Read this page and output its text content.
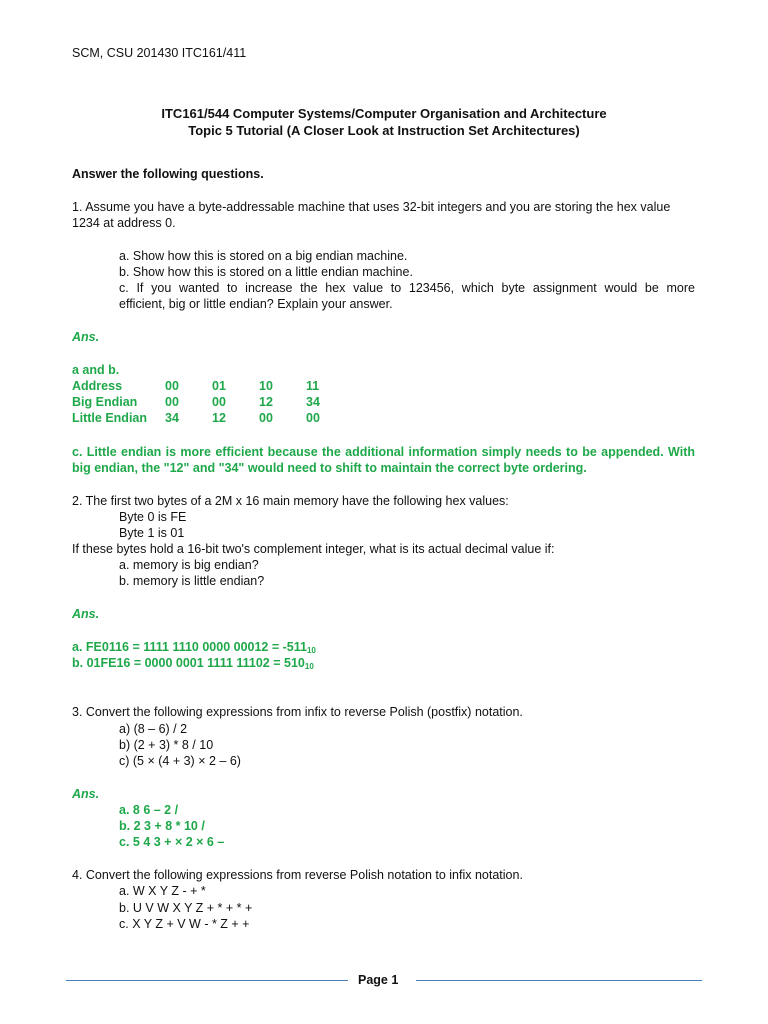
SCM, CSU 201430 ITC161/411
ITC161/544 Computer Systems/Computer Organisation and Architecture
Topic 5 Tutorial (A Closer Look at Instruction Set Architectures)
Answer the following questions.
1. Assume you have a byte-addressable machine that uses 32-bit integers and you are storing the hex value
1234 at address 0.
a. Show how this is stored on a big endian machine.
b. Show how this is stored on a little endian machine.
c. If you wanted to increase the hex value to 123456, which byte assignment would be more
efficient, big or little endian? Explain your answer.
Ans.
a and b.
Address	00	01	10	11
Big Endian 00	00	12	34
Little Endian 34	12	00	00
c. Little endian is more efficient because the additional information simply needs to be appended. With
big endian, the "12" and "34" would need to shift to maintain the correct byte ordering.
2. The first two bytes of a 2M x 16 main memory have the following hex values:
Byte 0 is FE
Byte 1 is 01
If these bytes hold a 16-bit two's complement integer, what is its actual decimal value if:
a. memory is big endian?
b. memory is little endian?
Ans.
a. FE0116 = 1111 1110 0000 $00012 = -511_{10}$
b. 01FE16 = 0000 0001 1111 $11102 = 510_{10}$
3. Convert the following expressions from infix to reverse Polish (postfix) notation.
a) (8 – 6) / 2
b) (2 + 3) * 8 / 10
c) (5 × (4 + 3) × 2 – 6)
Ans.
a. 8 6 – 2 /
b. 2 3 + 8 * 10 /
c. 5 4 3 + × 2 × 6 –
4. Convert the following expressions from reverse Polish notation to infix notation.
a. W X Y Z - + *
b. U V W X Y Z + * + * +
c. X Y Z + V W - * Z + +
Page 1
